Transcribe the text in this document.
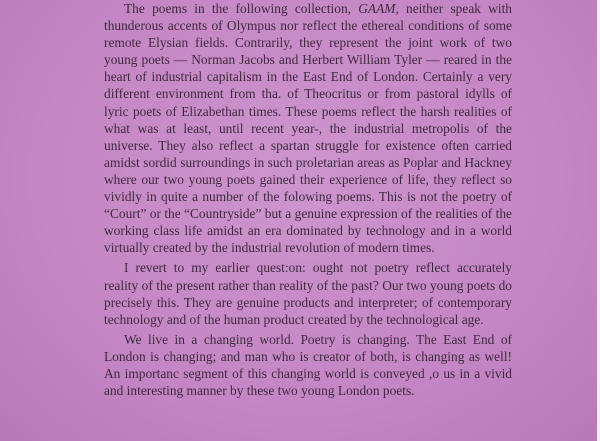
The poems in the following collection, GAAM, neither speak with thunderous accents of Olympus nor reflect the ethereal conditions of some remote Elysian fields. Contrarily, they represent the joint work of two young poets — Norman Jacobs and Herbert William Tyler — reared in the heart of industrial capitalism in the East End of London. Certainly a very different environment from tha. of Theocritus or from pastoral idylls of lyric poets of Elizabethan times. These poems reflect the harsh realities of what was at least, until recent year-, the industrial metropolis of the universe. They also reflect a spartan struggle for existence often carried amidst sordid surroundings in such proletarian areas as Poplar and Hackney where our two young poets gained their experience of life, they reflect so vividly in quite a number of the folowing poems. This is not the poetry of “Court” or the “Countryside” but a genuine expression of the realities of the working class life amidst an era dominated by technology and in a world virtually created by the industrial revolution of modern times.

I revert to my earlier quest:on: ought not poetry reflect accurately reality of the present rather than reality of the past? Our two young poets do precisely this. They are genuine products and interpreter; of contemporary technology and of the human product created by the technological age.

We live in a changing world. Poetry is changing. The East End of London is changing; and man who is creator of both, is changing as well! An importanc segment of this changing world is conveyed ,o us in a vivid and interesting manner by these two young London poets.
